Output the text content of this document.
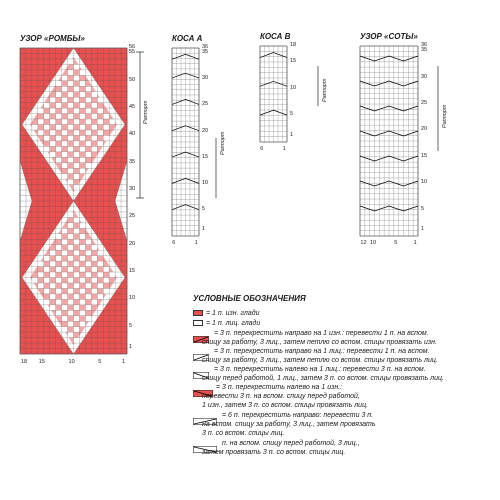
УЗОР «РОМБЫ»
Раппорт
КОСА А
Раппорт
КОСА В
Раппорт
УЗОР «СОТЫ»
Раппорт
56
55
50
45
40
35
30
25
20
15
10
5
1
36
35
30
25
20
15
10
5
1
18
15
10
5
1
36
35
30
25
20
15
10
5
1
18 15	10	5	1
6	1
6	1
12 10	5	1
УСЛОВНЫЕ ОБОЗНАЧЕНИЯ
= 1 п. изн. глади
= 1 п. лиц. глади
= 3 п. перекрестить направо на 1 изн.: перевести 1 п. на вспом.
спицу за работу, 3 лиц., затем петлю со вспом. спицы провязать изн.
= 3 п. перекрестить направо на 1 лиц.: перевести 1 п. на вспом.
спицу за работу, 3 лиц., затем петлю со вспом. спицы провязать лиц.
= 3 п. перекрестить налево на 1 лиц.: перевести 3 п. на вспом.
спицу перед работой, 1 лиц., затем 3 п. со вспом. спицы провязать лиц.
= 3 п. перекрестить налево на 1 изн.:
перевести 3 п. на вспом. спицу перед работой,
1 изн., затем 3 п. со вспом. спицы провязать лиц.
= 6 п. перекрестить направо: перевести 3 п.
на вспом. спицу за работу, 3 лиц., затем провязать
3 п. со вспом. спицы лиц.
п. на вспом. спицу перед работой, 3 лиц.,
затем провязать 3 п. со вспом. спицы лиц.
